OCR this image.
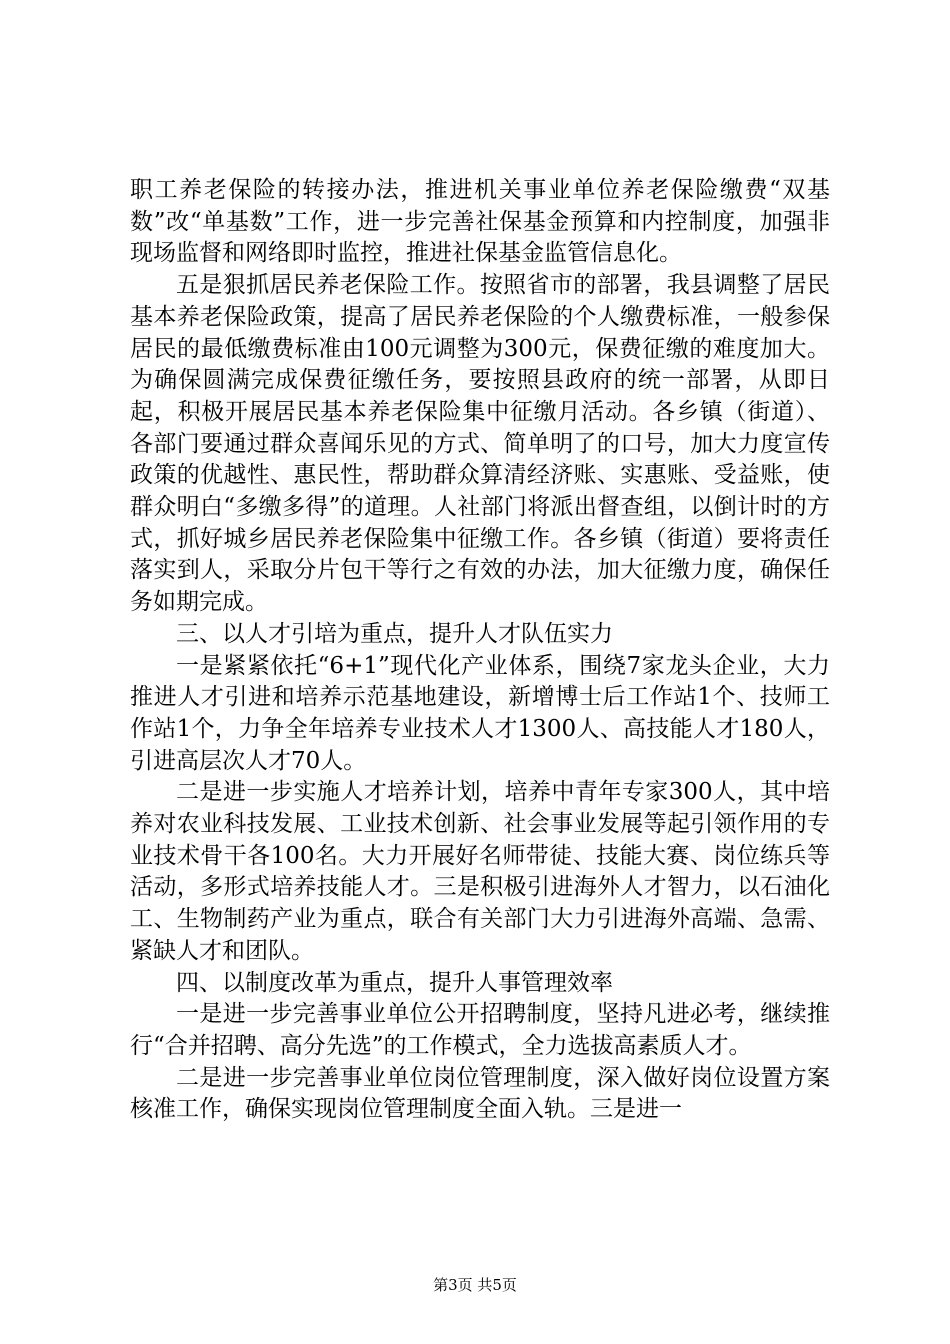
职工养老保险的转接办法，推进机关事业单位养老保险缴费“双基数”改“单基数”工作，进一步完善社保基金预算和内控制度，加强非现场监督和网络即时监控，推进社保基金监管信息化。

五是狠抓居民养老保险工作。按照省市的部署，我县调整了居民基本养老保险政策，提高了居民养老保险的个人缴费标准，一般参保居民的最低缴费标准由100元调整为300元，保费征缴的难度加大。为确保圆满完成保费征缴任务，要按照县政府的统一部署，从即日起，积极开展居民基本养老保险集中征缴月活动。各乡镇（街道）、各部门要通过群众喜闻乐见的方式、简单明了的口号，加大力度宣传政策的优越性、惠民性，帮助群众算清经济账、实惠账、受益账，使群众明白“多缴多得”的道理。人社部门将派出督查组，以倒计时的方式，抓好城乡居民养老保险集中征缴工作。各乡镇（街道）要将责任落实到人，采取分片包干等行之有效的办法，加大征缴力度，确保任务如期完成。

三、以人才引培为重点，提升人才队伍实力

一是紧紧依托“6+1”现代化产业体系，围绕7家龙头企业，大力推进人才引进和培养示范基地建设，新增博士后工作站1个、技师工作站1个，力争全年培养专业技术人才1300人、高技能人才180人，引进高层次人才70人。

二是进一步实施人才培养计划，培养中青年专家300人，其中培养对农业科技发展、工业技术创新、社会事业发展等起引领作用的专业技术骨干各100名。大力开展好名师带徒、技能大赛、岗位练兵等活动，多形式培养技能人才。三是积极引进海外人才智力，以石油化工、生物制药产业为重点，联合有关部门大力引进海外高端、急需、紧缺人才和团队。

四、以制度改革为重点，提升人事管理效率

一是进一步完善事业单位公开招聘制度，坚持凡进必考，继续推行“合并招聘、高分先选”的工作模式，全力选拔高素质人才。

二是进一步完善事业单位岗位管理制度，深入做好岗位设置方案核准工作，确保实现岗位管理制度全面入轨。三是进一

第3页 共5页
